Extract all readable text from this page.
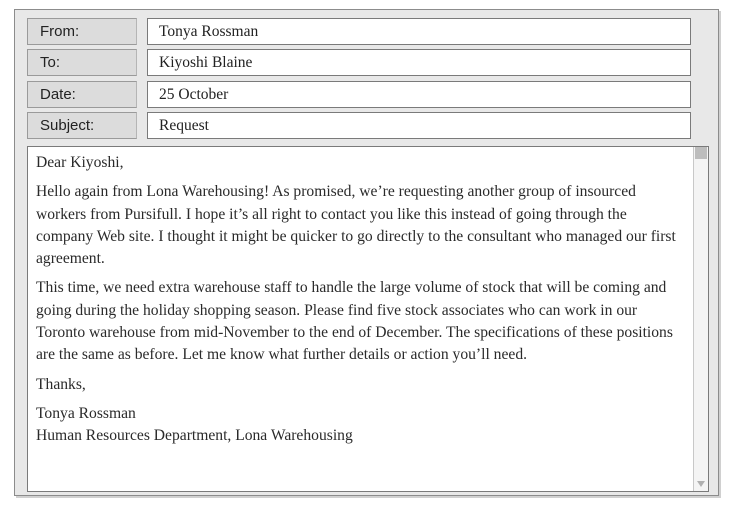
From:	Tonya Rossman
To:	Kiyoshi Blaine
Date:	25 October
Subject:	Request

Dear Kiyoshi,

Hello again from Lona Warehousing! As promised, we’re requesting another group of insourced workers from Pursifull. I hope it’s all right to contact you like this instead of going through the company Web site. I thought it might be quicker to go directly to the consultant who managed our first agreement.

This time, we need extra warehouse staff to handle the large volume of stock that will be coming and going during the holiday shopping season. Please find five stock associates who can work in our Toronto warehouse from mid-November to the end of December. The specifications of these positions are the same as before. Let me know what further details or action you’ll need.

Thanks,

Tonya Rossman

Human Resources Department, Lona Warehousing
